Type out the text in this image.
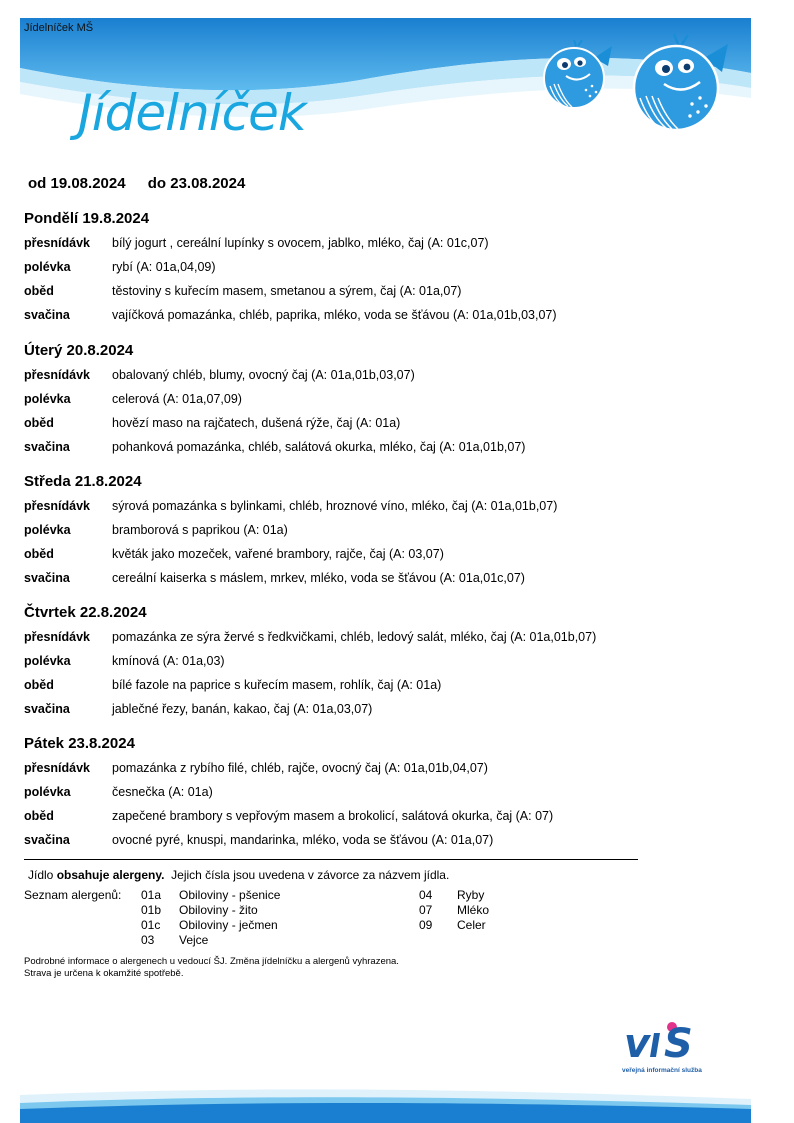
Jídelníček MŠ
Jídelníček
od 19.08.2024 do 23.08.2024
Pondělí 19.8.2024
přesnídávk	bílý jogurt , cereální lupínky s ovocem, jablko, mléko, čaj (A: 01c,07)
polévka	rybí (A: 01a,04,09)
oběd	těstoviny s kuřecím masem, smetanou a sýrem, čaj (A: 01a,07)
svačina	vajíčková pomazánka, chléb, paprika, mléko, voda se šťávou (A: 01a,01b,03,07)
Úterý 20.8.2024
přesnídávk	obalovaný chléb, blumy, ovocný čaj (A: 01a,01b,03,07)
polévka	celerová (A: 01a,07,09)
oběd	hovězí maso na rajčatech, dušená rýže, čaj (A: 01a)
svačina	pohanková pomazánka, chléb, salátová okurka, mléko, čaj (A: 01a,01b,07)
Středa 21.8.2024
přesnídávk	sýrová pomazánka s bylinkami, chléb, hroznové víno, mléko, čaj (A: 01a,01b,07)
polévka	bramborová s paprikou (A: 01a)
oběd	květák jako mozeček, vařené brambory, rajče, čaj (A: 03,07)
svačina	cereální kaiserka s máslem, mrkev, mléko, voda se šťávou (A: 01a,01c,07)
Čtvrtek 22.8.2024
přesnídávk	pomazánka ze sýra žervé s ředkvičkami, chléb, ledový salát, mléko, čaj (A: 01a,01b,07)
polévka	kmínová (A: 01a,03)
oběd	bílé fazole na paprice s kuřecím masem, rohlík, čaj (A: 01a)
svačina	jablečné řezy, banán, kakao, čaj (A: 01a,03,07)
Pátek 23.8.2024
přesnídávk	pomazánka z rybího filé, chléb, rajče, ovocný čaj (A: 01a,01b,04,07)
polévka	česnečka (A: 01a)
oběd	zapečené brambory s vepřovým masem a brokolicí, salátová okurka, čaj (A: 07)
svačina	ovocné pyré, knuspi, mandarinka, mléko, voda se šťávou (A: 01a,07)
Jídlo obsahuje alergeny.  Jejich čísla jsou uvedena v závorce za názvem jídla.
Seznam alergenů: 01a Obiloviny - pšenice
01b Obiloviny - žito
01c Obiloviny - ječmen
03 Vejce
04 Ryby
07 Mléko
09 Celer
Podrobné informace o alergenech u vedoucí ŠJ. Změna jídelníčku a alergenů vyhrazena.
Strava je určena k okamžité spotřebě.
v S
veřejná informační služba
